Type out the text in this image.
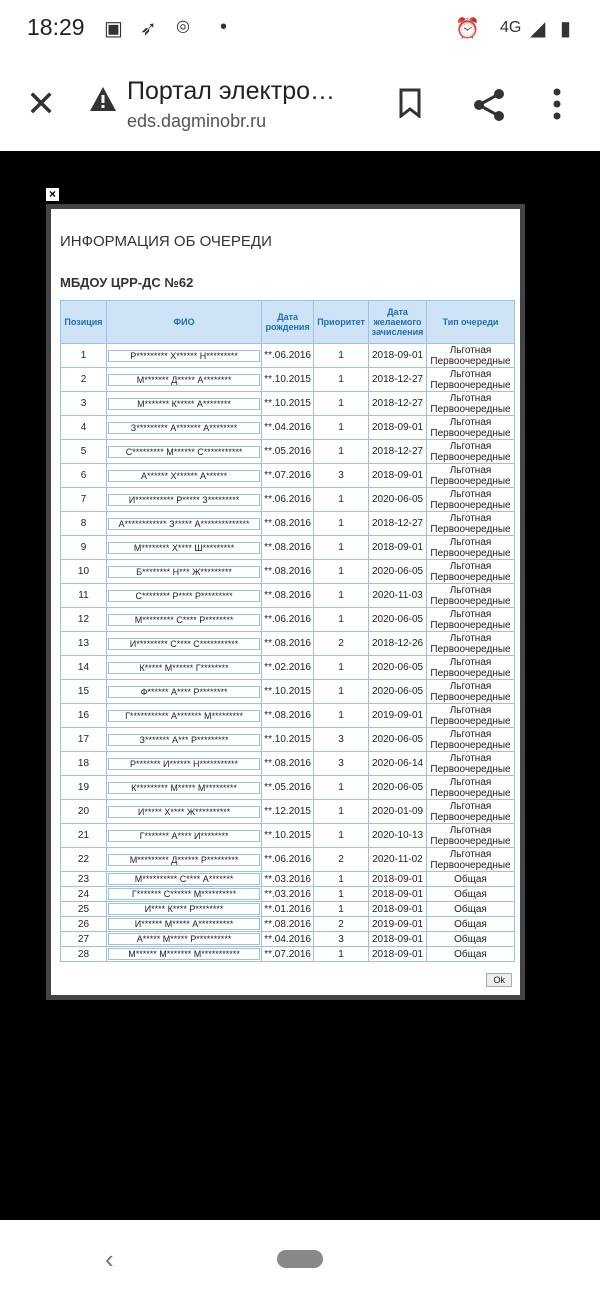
18:29 ▣ ➶ ◎ •	⏰ 4G ◢ ▮
✕	Портал электро…
eds.dagminobr.ru
×
ИНФОРМАЦИЯ ОБ ОЧЕРЕДИ
МБДОУ ЦРР-ДС №62
Позиция	ФИО	Дата рождения	Приоритет	Дата желаемого зачисления	Тип очереди
1	Р********* Х****** Н*********	**.06.2016	1	2018-09-01	Льготная Первоочередные
2	М******* Д***** А********	**.10.2015	1	2018-12-27	Льготная Первоочередные
3	М******* К***** А********	**.10.2015	1	2018-12-27	Льготная Первоочередные
4	З********* А******* А********	**.04.2016	1	2018-09-01	Льготная Первоочередные
5	С********* М****** С***********	**.05.2016	1	2018-12-27	Льготная Первоочередные
6	А****** Х****** А******	**.07.2016	3	2018-09-01	Льготная Первоочередные
7	И*********** Р***** З*********	**.06.2016	1	2020-06-05	Льготная Первоочередные
8	А************ З***** А**************	**.08.2016	1	2018-12-27	Льготная Первоочередные
9	М******** Х**** Ш*********	**.08.2016	1	2018-09-01	Льготная Первоочередные
10	Б******** Н*** Ж*********	**.08.2016	1	2020-06-05	Льготная Первоочередные
11	С******** Р**** Р*********	**.08.2016	1	2020-11-03	Льготная Первоочередные
12	М********* С**** Р********	**.06.2016	1	2020-06-05	Льготная Первоочередные
13	И********* С**** С***********	**.08.2016	2	2018-12-26	Льготная Первоочередные
14	К***** М****** Г********	**.02.2016	1	2020-06-05	Льготная Первоочередные
15	Ф****** А**** Р********	**.10.2015	1	2020-06-05	Льготная Первоочередные
16	Г*********** А******* М*********	**.08.2016	1	2019-09-01	Льготная Первоочередные
17	З******* А*** Р*********	**.10.2015	3	2020-06-05	Льготная Первоочередные
18	Р******* И****** Н***********	**.08.2016	3	2020-06-14	Льготная Первоочередные
19	К********* М***** М*********	**.05.2016	1	2020-06-05	Льготная Первоочередные
20	И***** Х**** Ж**********	**.12.2015	1	2020-01-09	Льготная Первоочередные
21	Г******* А**** И********	**.10.2015	1	2020-10-13	Льготная Первоочередные
22	М********* Д****** Р*********	**.06.2016	2	2020-11-02	Льготная Первоочередные
23	М********** С**** А*******	**.03.2016	1	2018-09-01	Общая
24	Г******* С****** М**********	**.03.2016	1	2018-09-01	Общая
25	И**** К**** Р********	**.01.2016	1	2018-09-01	Общая
26	И****** М***** А**********	**.08.2016	2	2019-09-01	Общая
27	А***** М***** Р**********	**.04.2016	3	2018-09-01	Общая
28	М****** М******* М***********	**.07.2016	1	2018-09-01	Общая
Ok
‹
